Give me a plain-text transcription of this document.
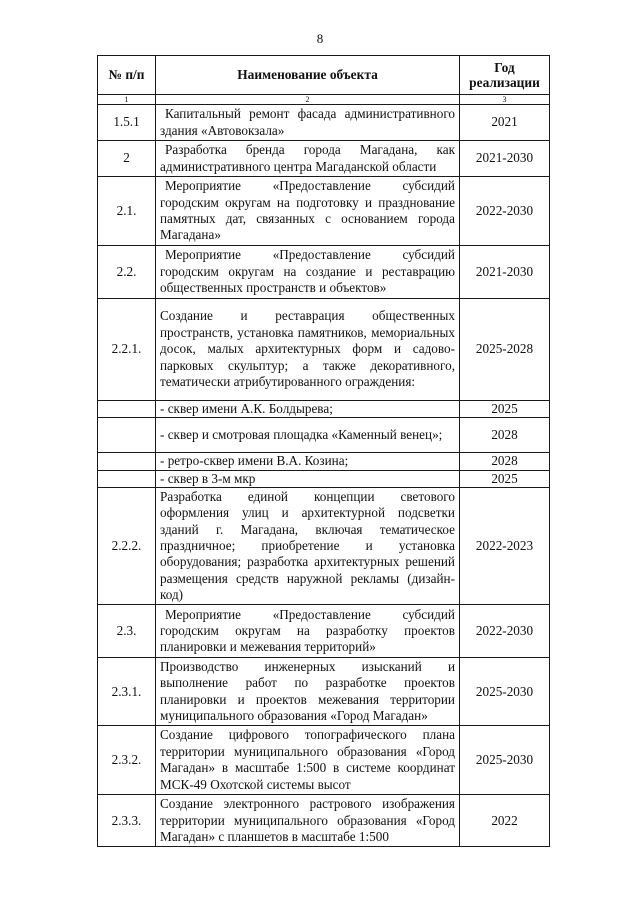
8
№ п/п	Наименование объекта	Год реализации
1	2	3
1.5.1	Капитальный ремонт фасада административного здания «Автовокзала»	2021
2	Разработка бренда города Магадана, как административного центра Магаданской области	2021-2030
2.1.	Мероприятие «Предоставление субсидий городским округам на подготовку и празднование памятных дат, связанных с основанием города Магадана»	2022-2030
2.2.	Мероприятие «Предоставление субсидий городским округам на создание и реставрацию общественных пространств и объектов»	2021-2030
2.2.1.	Создание и реставрация общественных пространств, установка памятников, мемориальных досок, малых архитектурных форм и садово-парковых скульптур; а также декоративного, тематически атрибутированного ограждения:	2025-2028
	- сквер имени А.К. Болдырева;	2025
	- сквер и смотровая площадка «Каменный венец»;	2028
	- ретро-сквер имени В.А. Козина;	2028
	- сквер в 3-м мкр	2025
2.2.2.	Разработка единой концепции светового оформления улиц и архитектурной подсветки зданий г. Магадана, включая тематическое праздничное; приобретение и установка оборудования; разработка архитектурных решений размещения средств наружной рекламы (дизайн-код)	2022-2023
2.3.	Мероприятие «Предоставление субсидий городским округам на разработку проектов планировки и межевания территорий»	2022-2030
2.3.1.	Производство инженерных изысканий и выполнение работ по разработке проектов планировки и проектов межевания территории муниципального образования «Город Магадан»	2025-2030
2.3.2.	Создание цифрового топографического плана территории муниципального образования «Город Магадан» в масштабе 1:500 в системе координат МСК-49 Охотской системы высот	2025-2030
2.3.3.	Создание электронного растрового изображения территории муниципального образования «Город Магадан» с планшетов в масштабе 1:500	2022
